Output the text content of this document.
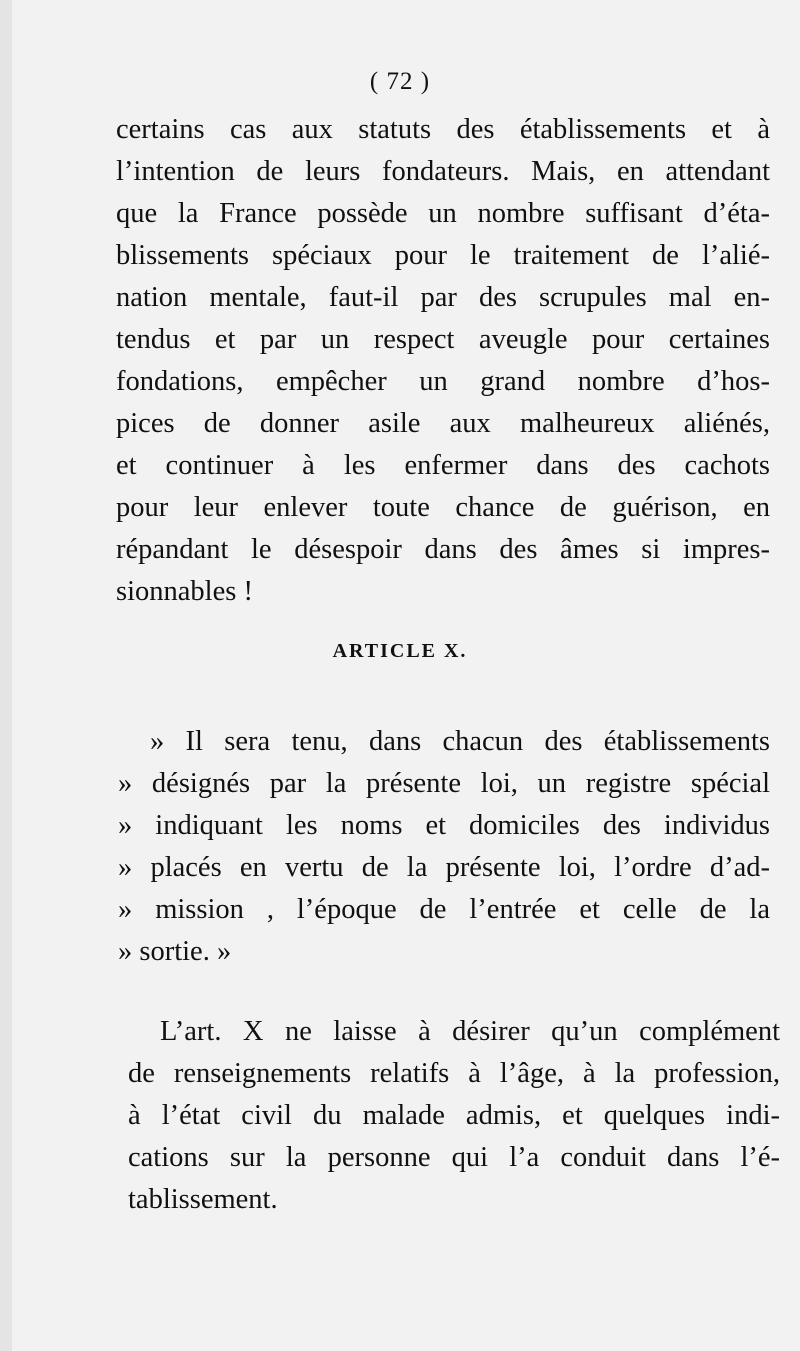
( 72 )
certains cas aux statuts des établissements et à
l’intention de leurs fondateurs. Mais, en attendant
que la France possède un nombre suffisant d’éta-
blissements spéciaux pour le traitement de l’alié-
nation mentale, faut-il par des scrupules mal en-
tendus et par un respect aveugle pour certaines
fondations, empêcher un grand nombre d’hos-
pices de donner asile aux malheureux aliénés,
et continuer à les enfermer dans des cachots
pour leur enlever toute chance de guérison, en
répandant le désespoir dans des âmes si impres-
sionnables !
ARTICLE X.
» Il sera tenu, dans chacun des établissements
» désignés par la présente loi, un registre spécial
» indiquant les noms et domiciles des individus
» placés en vertu de la présente loi, l’ordre d’ad-
» mission , l’époque de l’entrée et celle de la
» sortie. »
L’art. X ne laisse à désirer qu’un complément
de renseignements relatifs à l’âge, à la profession,
à l’état civil du malade admis, et quelques indi-
cations sur la personne qui l’a conduit dans l’é-
tablissement.
